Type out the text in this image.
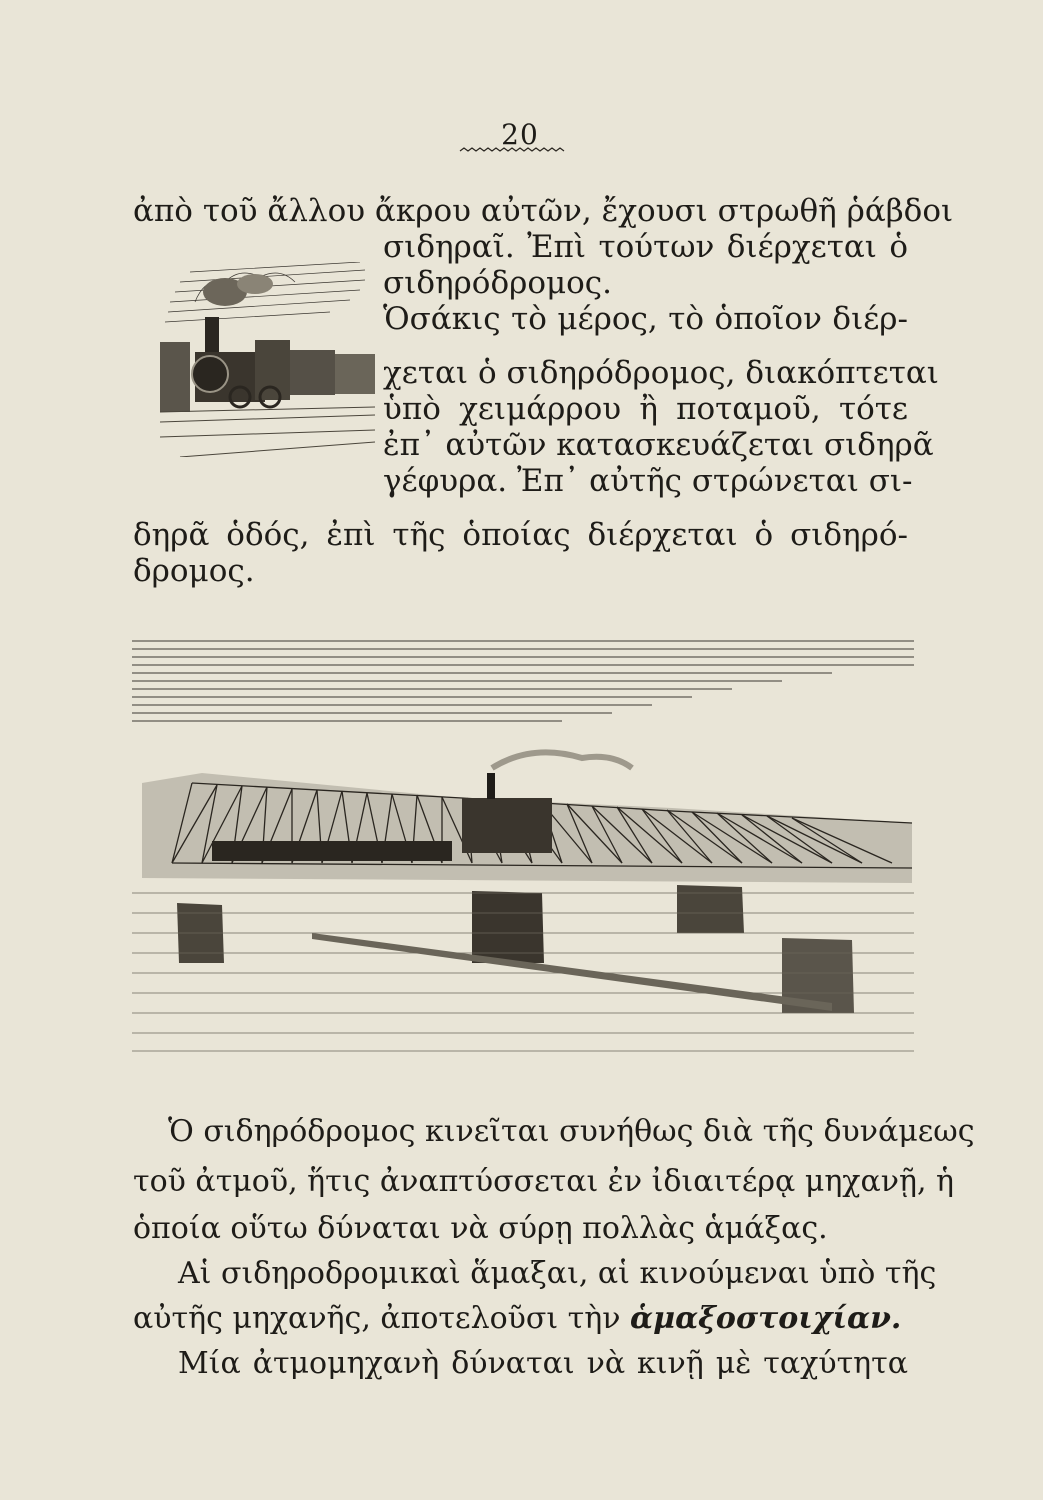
20
ἀπὸ τοῦ ἄλλου ἄκρου αὐτῶν, ἔχουσι στρωθῆ ῥάβδοι
σιδηραῖ. Ἐπὶ τούτων διέρχεται ὁ
σιδηρόδρομος.
Ὁσάκις τὸ μέρος, τὸ ὁποῖον διέρ-
χεται ὁ σιδηρόδρομος, διακόπτεται
ὑπὸ χειμάρρου ἢ ποταμοῦ, τότε
ἐπ᾽ αὐτῶν κατασκευάζεται σιδηρᾶ
γέφυρα. Ἐπ᾽ αὐτῆς στρώνεται σι-
δηρᾶ ὁδός, ἐπὶ τῆς ὁποίας διέρχεται ὁ σιδηρό-
δρομος.
Ὁ σιδηρόδρομος κινεῖται συνήθως διὰ τῆς δυνάμεως
τοῦ ἀτμοῦ, ἥτις ἀναπτύσσεται ἐν ἰδιαιτέρᾳ μηχανῇ, ἡ
ὁποία οὕτω δύναται νὰ σύρῃ πολλὰς ἁμάξας.
Αἱ σιδηροδρομικαὶ ἅμαξαι, αἱ κινούμεναι ὑπὸ τῆς
αὐτῆς μηχανῆς, ἀποτελοῦσι τὴν ἁμαξοστοιχίαν.
Μία ἀτμομηχανὴ δύναται νὰ κινῇ μὲ ταχύτητα
